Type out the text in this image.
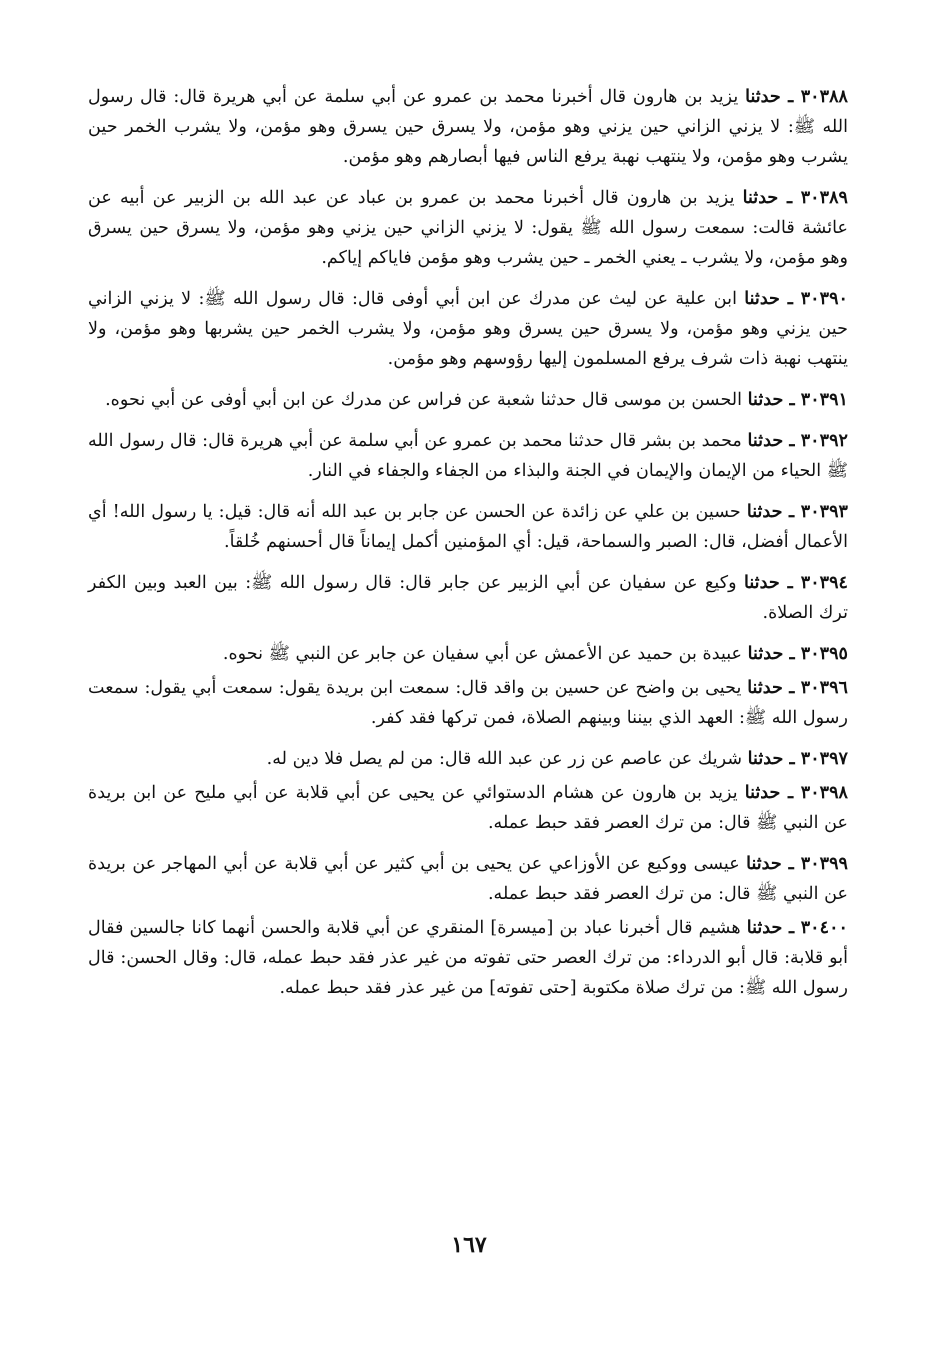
٣٠٣٨٨ ـ حدثنا يزيد بن هارون قال أخبرنا محمد بن عمرو عن أبي سلمة عن أبي هريرة قال: قال رسول الله ﷺ: لا يزني الزاني حين يزني وهو مؤمن، ولا يسرق حين يسرق وهو مؤمن، ولا يشرب الخمر حين يشرب وهو مؤمن، ولا ينتهب نهبة يرفع الناس فيها أبصارهم وهو مؤمن.

٣٠٣٨٩ ـ حدثنا يزيد بن هارون قال أخبرنا محمد بن عمرو بن عباد عن عبد الله بن الزبير عن أبيه عن عائشة قالت: سمعت رسول الله ﷺ يقول: لا يزني الزاني حين يزني وهو مؤمن، ولا يسرق حين يسرق وهو مؤمن، ولا يشرب ـ يعني الخمر ـ حين يشرب وهو مؤمن فاياكم إياكم.

٣٠٣٩٠ ـ حدثنا ابن علية عن ليث عن مدرك عن ابن أبي أوفى قال: قال رسول الله ﷺ: لا يزني الزاني حين يزني وهو مؤمن، ولا يسرق حين يسرق وهو مؤمن، ولا يشرب الخمر حين يشربها وهو مؤمن، ولا ينتهب نهبة ذات شرف يرفع المسلمون إليها رؤوسهم وهو مؤمن.

٣٠٣٩١ ـ حدثنا الحسن بن موسى قال حدثنا شعبة عن فراس عن مدرك عن ابن أبي أوفى عن أبي نحوه.

٣٠٣٩٢ ـ حدثنا محمد بن بشر قال حدثنا محمد بن عمرو عن أبي سلمة عن أبي هريرة قال: قال رسول الله ﷺ الحياء من الإيمان والإيمان في الجنة والبذاء من الجفاء والجفاء في النار.

٣٠٣٩٣ ـ حدثنا حسين بن علي عن زائدة عن الحسن عن جابر بن عبد الله أنه قال: قيل: يا رسول الله! أي الأعمال أفضل، قال: الصبر والسماحة، قيل: أي المؤمنين أكمل إيماناً قال أحسنهم خُلقاً.

٣٠٣٩٤ ـ حدثنا وكيع عن سفيان عن أبي الزبير عن جابر قال: قال رسول الله ﷺ: بين العبد وبين الكفر ترك الصلاة.

٣٠٣٩٥ ـ حدثنا عبيدة بن حميد عن الأعمش عن أبي سفيان عن جابر عن النبي ﷺ نحوه.

٣٠٣٩٦ ـ حدثنا يحيى بن واضح عن حسين بن واقد قال: سمعت ابن بريدة يقول: سمعت أبي يقول: سمعت رسول الله ﷺ: العهد الذي بيننا وبينهم الصلاة، فمن تركها فقد كفر.

٣٠٣٩٧ ـ حدثنا شريك عن عاصم عن زر عن عبد الله قال: من لم يصل فلا دين له.

٣٠٣٩٨ ـ حدثنا يزيد بن هارون عن هشام الدستوائي عن يحيى عن أبي قلابة عن أبي مليح عن ابن بريدة عن النبي ﷺ قال: من ترك العصر فقد حبط عمله.

٣٠٣٩٩ ـ حدثنا عيسى ووكيع عن الأوزاعي عن يحيى بن أبي كثير عن أبي قلابة عن أبي المهاجر عن بريدة عن النبي ﷺ قال: من ترك العصر فقد حبط عمله.

٣٠٤٠٠ ـ حدثنا هشيم قال أخبرنا عباد بن [ميسرة] المنقري عن أبي قلابة والحسن أنهما كانا جالسين فقال أبو قلابة: قال أبو الدرداء: من ترك العصر حتى تفوته من غير عذر فقد حبط عمله، قال: وقال الحسن: قال رسول الله ﷺ: من ترك صلاة مكتوبة [حتى تفوته] من غير عذر فقد حبط عمله.

١٦٧
